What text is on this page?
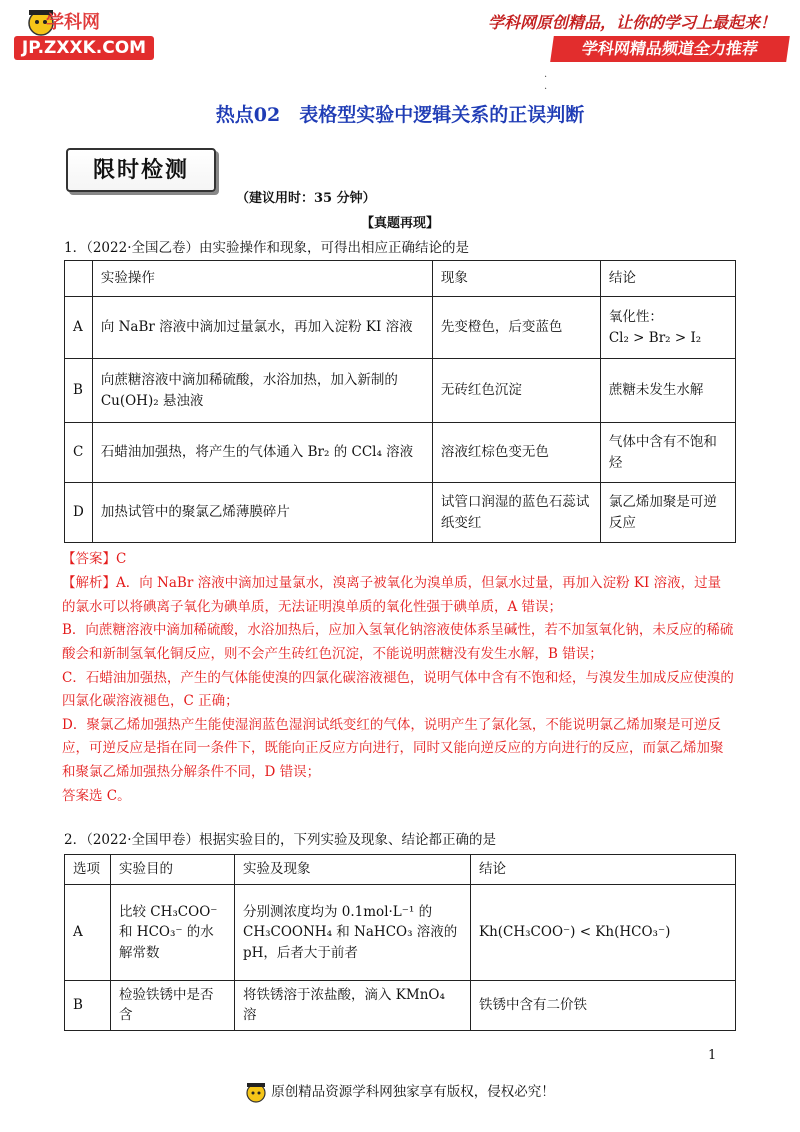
学科网
JP.ZXXK.COM
学科网原创精品，让你的学习上最起来！
学科网精品频道全力推荐
·
·
热点02　表格型实验中逻辑关系的正误判断
限时检测
（建议用时：35 分钟）
【真题再现】
1．（2022·全国乙卷）由实验操作和现象，可得出相应正确结论的是
	实验操作	现象	结论
A	向 NaBr 溶液中滴加过量氯水，再加入淀粉 KI 溶液	先变橙色，后变蓝色	氧化性：
Cl₂ > Br₂ > I₂

B	向蔗糖溶液中滴加稀硫酸，水浴加热，加入新制的 Cu(OH)₂ 悬浊液	无砖红色沉淀	蔗糖未发生水解
C	石蜡油加强热，将产生的气体通入 Br₂ 的 CCl₄ 溶液	溶液红棕色变无色	气体中含有不饱和烃
D	加热试管中的聚氯乙烯薄膜碎片	试管口润湿的蓝色石蕊试纸变红	氯乙烯加聚是可逆反应
【答案】C

【解析】A．向 NaBr 溶液中滴加过量氯水，溴离子被氧化为溴单质，但氯水过量，再加入淀粉 KI 溶液，过量的氯水可以将碘离子氧化为碘单质，无法证明溴单质的氧化性强于碘单质，A 错误；

B．向蔗糖溶液中滴加稀硫酸，水浴加热后，应加入氢氧化钠溶液使体系呈碱性，若不加氢氧化钠，未反应的稀硫酸会和新制氢氧化铜反应，则不会产生砖红色沉淀，不能说明蔗糖没有发生水解，B 错误；

C．石蜡油加强热，产生的气体能使溴的四氯化碳溶液褪色，说明气体中含有不饱和烃，与溴发生加成反应使溴的四氯化碳溶液褪色，C 正确；

D．聚氯乙烯加强热产生能使湿润蓝色湿润试纸变红的气体，说明产生了氯化氢，不能说明氯乙烯加聚是可逆反应，可逆反应是指在同一条件下，既能向正反应方向进行，同时又能向逆反应的方向进行的反应，而氯乙烯加聚和聚氯乙烯加强热分解条件不同，D 错误；

答案选 C。

2．（2022·全国甲卷）根据实验目的，下列实验及现象、结论都正确的是
选项	实验目的	实验及现象	结论
A	比较 CH₃COO⁻ 和 HCO₃⁻ 的水解常数	分别测浓度均为 0.1mol·L⁻¹ 的 CH₃COONH₄ 和 NaHCO₃ 溶液的 pH，后者大于前者	Kh(CH₃COO⁻) < Kh(HCO₃⁻)
B	检验铁锈中是否含	将铁锈溶于浓盐酸，滴入 KMnO₄ 溶	铁锈中含有二价铁
1
原创精品资源学科网独家享有版权，侵权必究！
